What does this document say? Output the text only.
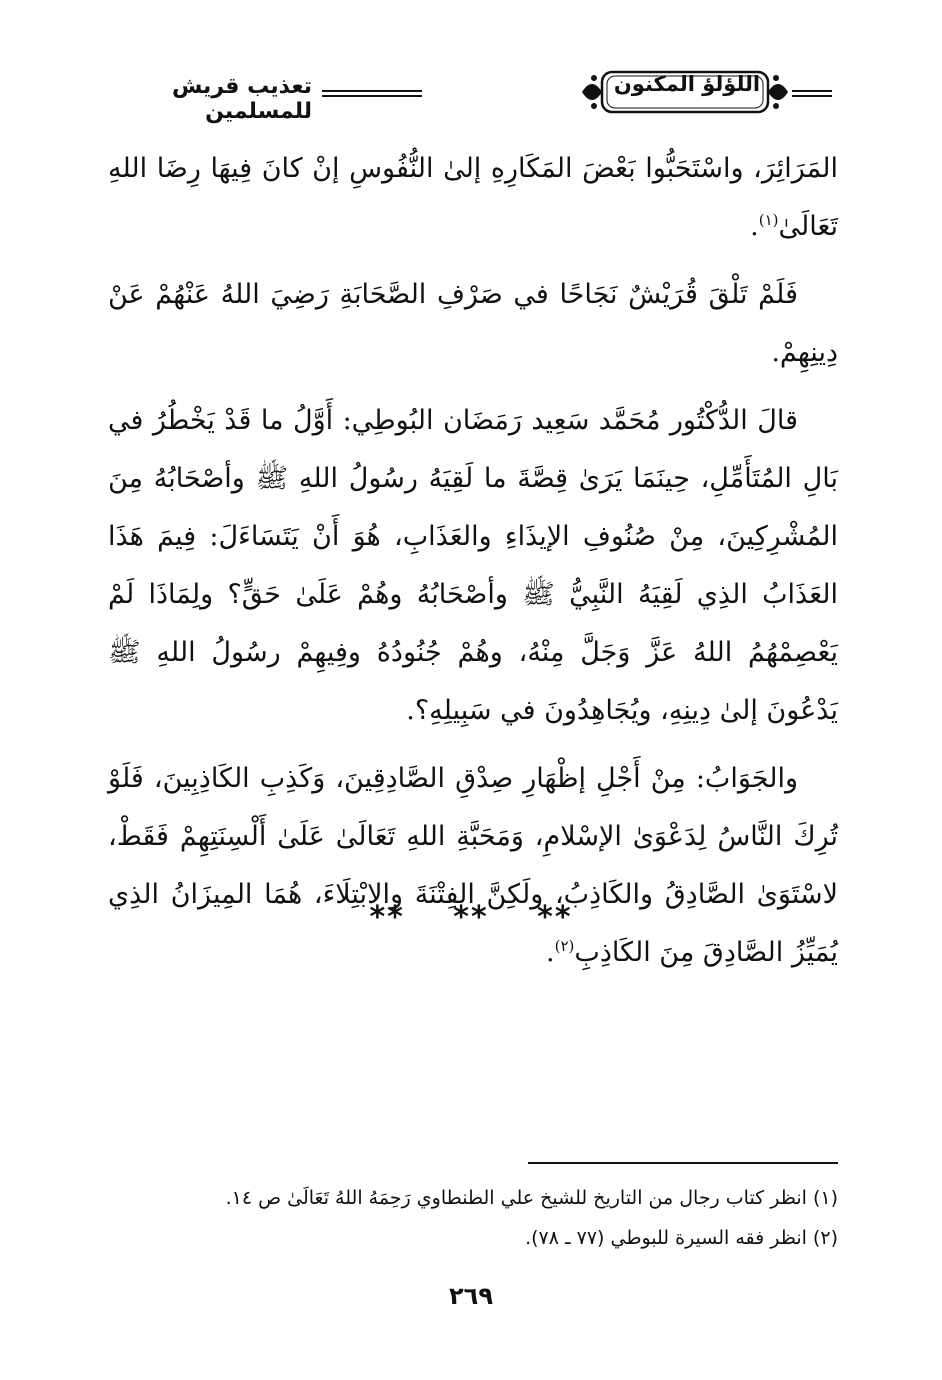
تعذيب قريش للمسلمين
اللؤلؤ المكنون

المَرَائِرَ، واسْتَحَبُّوا بَعْضَ المَكَارِهِ إلىٰ النُّفُوسِ إنْ كانَ فِيهَا رِضَا اللهِ تَعَالَىٰ$^{(١)}$.

فَلَمْ تَلْقَ قُرَيْشٌ نَجَاحًا في صَرْفِ الصَّحَابَةِ رَضِيَ اللهُ عَنْهُمْ عَنْ دِينِهِمْ.

قالَ الدُّكْتُور مُحَمَّد سَعِيد رَمَضَان البُوطِي: أَوَّلُ ما قَدْ يَخْطُرُ في بَالِ المُتَأَمِّلِ، حِينَمَا يَرَىٰ قِصَّةَ ما لَقِيَهُ رسُولُ اللهِ ﷺ وأصْحَابُهُ مِنَ المُشْرِكِينَ، مِنْ صُنُوفِ الإيذَاءِ والعَذَابِ، هُوَ أَنْ يَتَسَاءَلَ: فِيمَ هَذَا العَذَابُ الذِي لَقِيَهُ النَّبِيُّ ﷺ وأصْحَابُهُ وهُمْ عَلَىٰ حَقٍّ؟ ولِمَاذَا لَمْ يَعْصِمْهُمُ اللهُ عَزَّ وَجَلَّ مِنْهُ، وهُمْ جُنُودُهُ وفِيهِمْ رسُولُ اللهِ ﷺ يَدْعُونَ إلىٰ دِينِهِ، ويُجَاهِدُونَ في سَبِيلِهِ؟.

والجَوَابُ: مِنْ أَجْلِ إظْهَارِ صِدْقِ الصَّادِقِينَ، وَكَذِبِ الكَاذِبِينَ، فَلَوْ تُرِكَ النَّاسُ لِدَعْوَىٰ الإسْلامِ، وَمَحَبَّةِ اللهِ تَعَالَىٰ عَلَىٰ أَلْسِنَتِهِمْ فَقَطْ، لاسْتَوَىٰ الصَّادِقُ والكَاذِبُ، ولَكِنَّ الفِتْنَةَ والابْتِلَاءَ، هُمَا المِيزَانُ الذِي يُمَيِّزُ الصَّادِقَ مِنَ الكَاذِبِ$^{(٢)}$.

** ** **

(١) انظر كتاب رجال من التاريخ للشيخ علي الطنطاوي رَحِمَهُ اللهُ تَعَالَىٰ ص ١٤.

(٢) انظر فقه السيرة للبوطي (٧٧ ـ ٧٨).

٢٦٩
